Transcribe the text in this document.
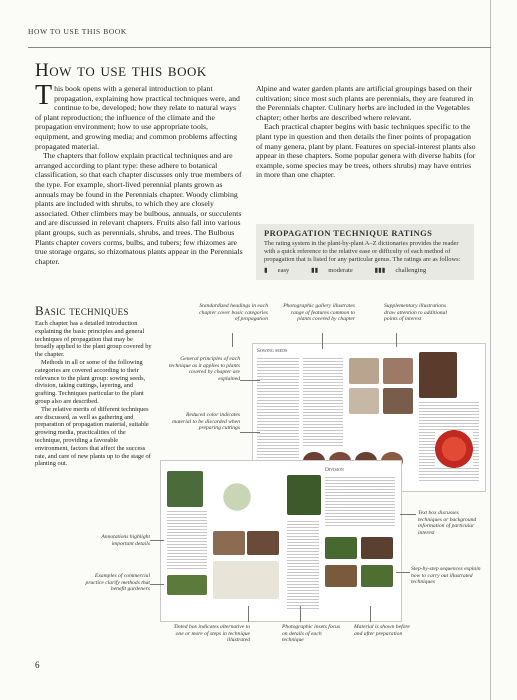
HOW TO USE THIS BOOK
How to use this book

This book opens with a general introduction to plant propagation, explaining how practical techniques were, and continue to be, developed; how they relate to natural ways of plant reproduction; the influence of the climate and the propagation environment; how to use appropriate tools, equipment, and growing media; and common problems affecting propagated material.

The chapters that follow explain practical techniques and are arranged according to plant type: these adhere to botanical classification, so that each chapter discusses only true members of the type. For example, short-lived perennial plants grown as annuals may be found in the Perennials chapter. Woody climbing plants are included with shrubs, to which they are closely associated. Other climbers may be bulbous, annuals, or succulents and are discussed in relevant chapters. Fruits also fall into various plant groups, such as perennials, shrubs, and trees. The Bulbous Plants chapter covers corms, bulbs, and tubers; few rhizomes are true storage organs, so rhizomatous plants appear in the Perennials chapter.

Alpine and water garden plants are artificial groupings based on their cultivation; since most such plants are perennials, they are featured in the Perennials chapter. Culinary herbs are included in the Vegetables chapter; other herbs are described where relevant.

Each practical chapter begins with basic techniques specific to the plant type in question and then details the finer points of propagation of many genera, plant by plant. Features on special-interest plants also appear in these chapters. Some popular genera with diverse habits (for example, some species may be trees, others shrubs) may have entries in more than one chapter.

PROPAGATION TECHNIQUE RATINGS
The rating system in the plant-by-plant A–Z dictionaries provides the reader with a quick reference to the relative ease or difficulty of each method of propagation that is listed for any particular genus. The ratings are as follows:
▮ easy	▮▮ moderate	▮▮▮ challenging
Basic techniques

Each chapter has a detailed introduction explaining the basic principles and general techniques of propagation that may be broadly applied to the plant group covered by the chapter.

Methods in all or some of the following categories are covered according to their relevance to the plant group: sowing seeds, division, taking cuttings, layering, and grafting. Techniques particular to the plant group also are described.

The relative merits of different techniques are discussed, as well as gathering and preparation of propagation material, suitable growing media, practicalities of the technique, providing a favorable environment, factors that affect the success rate, and care of new plants up to the stage of planting out.

Sowing seeds
Division
Standardized headings in each chapter cover basic categories of propagation
Photographic gallery illustrates range of features common to plants covered by chapter
Supplementary illustrations draw attention to additional points of interest
General principles of each technique as it applies to plants covered by chapter are explained
Reduced color indicates material to be discarded when preparing cuttings
Text box discusses techniques or background information of particular interest
Annotations highlight important details
Step-by-step sequences explain how to carry out illustrated techniques
Examples of commercial practice clarify methods that benefit gardeners
Tinted box indicates alternative to one or more of steps in technique illustrated
Photographic insets focus on details of each technique
Material is shown before and after preparation
6
